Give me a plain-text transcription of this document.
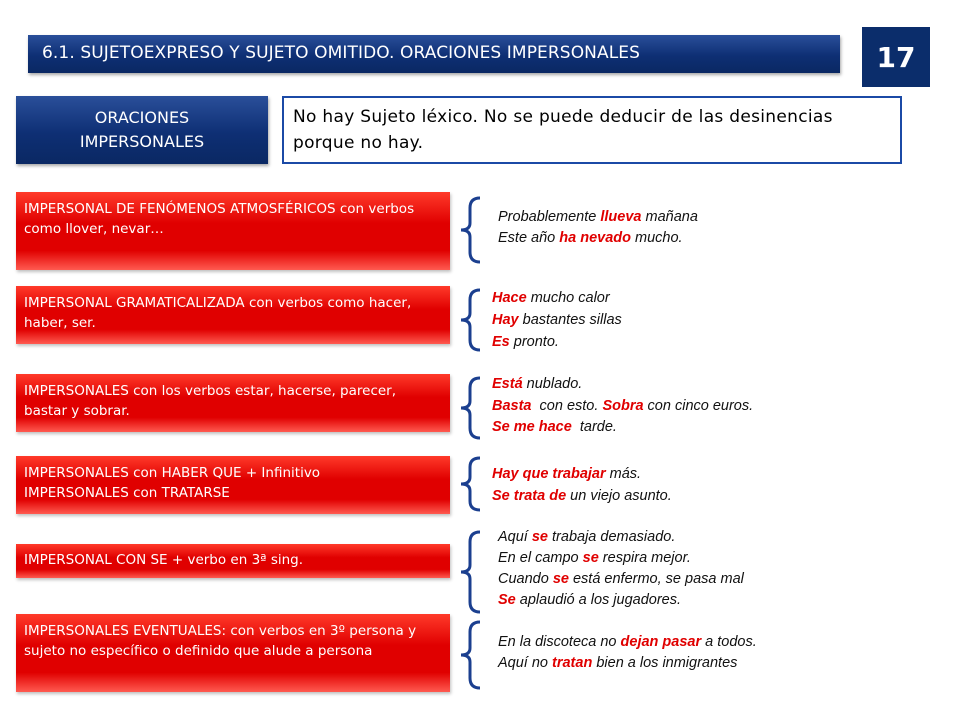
6.1. SUJETOEXPRESO Y SUJETO OMITIDO. ORACIONES IMPERSONALES	17
ORACIONES
IMPERSONALES
No hay Sujeto léxico. No se puede deducir de las desinencias porque no hay.
IMPERSONAL DE FENÓMENOS ATMOSFÉRICOS con verbos como llover, nevar…
IMPERSONAL GRAMATICALIZADA con verbos como hacer, haber, ser.
IMPERSONALES con los verbos estar, hacerse, parecer, bastar y sobrar.
IMPERSONALES con HABER QUE + Infinitivo
IMPERSONALES con TRATARSE
IMPERSONAL CON SE + verbo en 3ª sing.
IMPERSONALES EVENTUALES: con verbos en 3º persona y sujeto no específico o definido que alude a persona
Probablemente llueva mañana
Este año ha nevado mucho.
Hace mucho calor
Hay bastantes sillas
Es pronto.
Está nublado.
Basta  con esto. Sobra con cinco euros.
Se me hace  tarde.
Hay que trabajar más.
Se trata de un viejo asunto.
Aquí se trabaja demasiado.
En el campo se respira mejor.
Cuando se está enfermo, se pasa mal
Se aplaudió a los jugadores.
En la discoteca no dejan pasar a todos.
Aquí no tratan bien a los inmigrantes
